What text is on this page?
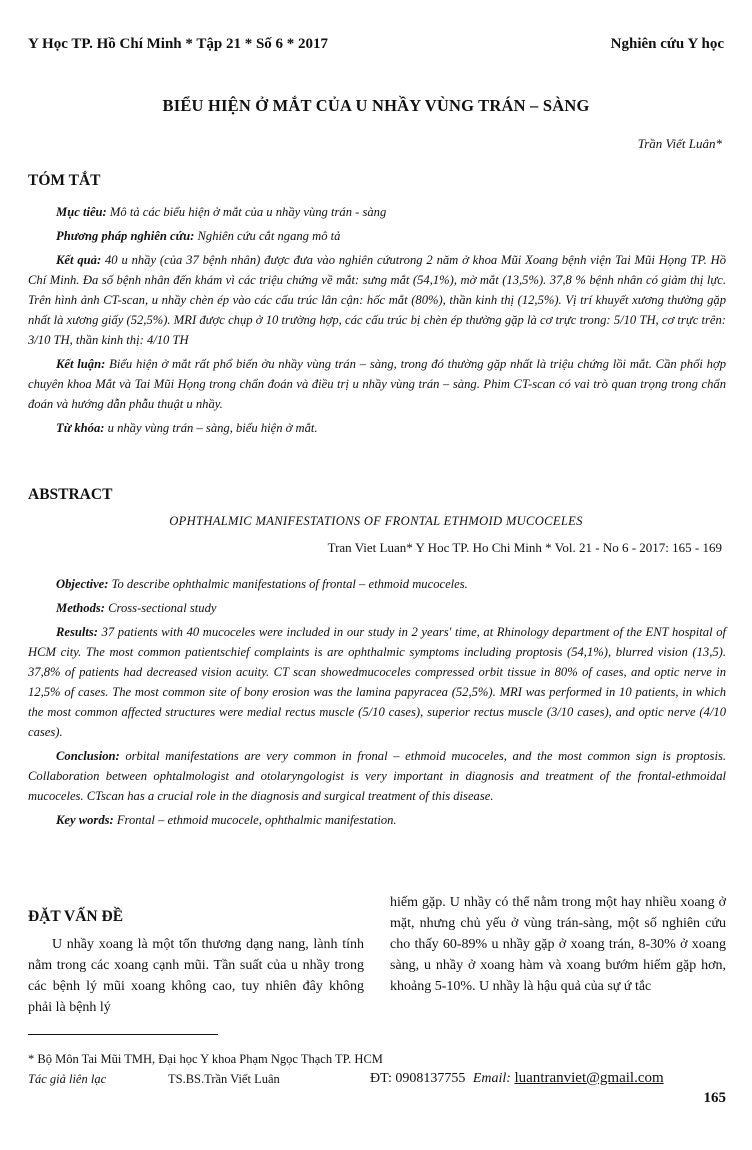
Y Học TP. Hồ Chí Minh * Tập 21 * Số 6 * 2017	Nghiên cứu Y học
BIỂU HIỆN Ở MẮT CỦA U NHẦY VÙNG TRÁN – SÀNG
Trần Viết Luân*
TÓM TẮT

Mục tiêu: Mô tả các biểu hiện ở mắt của u nhầy vùng trán - sàng

Phương pháp nghiên cứu: Nghiên cứu cắt ngang mô tả

Kết quả: 40 u nhầy (của 37 bệnh nhân) được đưa vào nghiên cứutrong 2 năm ở khoa Mũi Xoang bệnh viện Tai Mũi Họng TP. Hồ Chí Minh. Đa số bệnh nhân đến khám vì các triệu chứng về mắt: sưng mắt (54,1%), mờ mắt (13,5%). 37,8 % bệnh nhân có giảm thị lực. Trên hình ảnh CT-scan, u nhầy chèn ép vào các cấu trúc lân cận: hốc mắt (80%), thần kinh thị (12,5%). Vị trí khuyết xương thường gặp nhất là xương giấy (52,5%). MRI được chụp ở 10 trường hợp, các cấu trúc bị chèn ép thường gặp là cơ trực trong: 5/10 TH, cơ trực trên: 3/10 TH, thần kinh thị: 4/10 TH

Kết luận: Biểu hiện ở mắt rất phổ biến ởu nhầy vùng trán – sàng, trong đó thường gặp nhất là triệu chứng lồi mắt. Cần phối hợp chuyên khoa Mắt và Tai Mũi Họng trong chẩn đoán và điều trị u nhầy vùng trán – sàng. Phim CT-scan có vai trò quan trọng trong chẩn đoán và hướng dẫn phẫu thuật u nhầy.

Từ khóa: u nhầy vùng trán – sàng, biểu hiện ở mắt.

ABSTRACT
OPHTHALMIC MANIFESTATIONS OF FRONTAL ETHMOID MUCOCELES
Tran Viet Luan* Y Hoc TP. Ho Chi Minh * Vol. 21 - No 6 - 2017: 165 - 169

Objective: To describe ophthalmic manifestations of frontal – ethmoid mucoceles.

Methods: Cross-sectional study

Results: 37 patients with 40 mucoceles were included in our study in 2 years' time, at Rhinology department of the ENT hospital of HCM city. The most common patientschief complaints is are ophthalmic symptoms including proptosis (54,1%), blurred vision (13,5). 37,8% of patients had decreased vision acuity. CT scan showedmucoceles compressed orbit tissue in 80% of cases, and optic nerve in 12,5% of cases. The most common site of bony erosion was the lamina papyracea (52,5%). MRI was performed in 10 patients, in which the most common affected structures were medial rectus muscle (5/10 cases), superior rectus muscle (3/10 cases), and optic nerve (4/10 cases).

Conclusion: orbital manifestations are very common in fronal – ethmoid mucoceles, and the most common sign is proptosis. Collaboration between ophtalmologist and otolaryngologist is very important in diagnosis and treatment of the frontal-ethmoidal mucoceles. CTscan has a crucial role in the diagnosis and surgical treatment of this disease.

Key words: Frontal – ethmoid mucocele, ophthalmic manifestation.

ĐẶT VẤN ĐỀ
U nhầy xoang là một tổn thương dạng nang, lành tính nằm trong các xoang cạnh mũi. Tần suất của u nhầy trong các bệnh lý mũi xoang không cao, tuy nhiên đây không phải là bệnh lý
hiếm gặp. U nhầy có thể nằm trong một hay nhiều xoang ở mặt, nhưng chủ yếu ở vùng trán-sàng, một số nghiên cứu cho thấy 60-89% u nhầy gặp ở xoang trán, 8-30% ở xoang sàng, u nhầy ở xoang hàm và xoang bướm hiếm gặp hơn, khoảng 5-10%. U nhầy là hậu quả của sự ứ tắc
* Bộ Môn Tai Mũi TMH, Đại học Y khoa Phạm Ngọc Thạch TP. HCM
Tác giả liên lạc	TS.BS.Trần Viết Luân	ĐT: 0908137755 Email: luantranviet@gmail.com
165
